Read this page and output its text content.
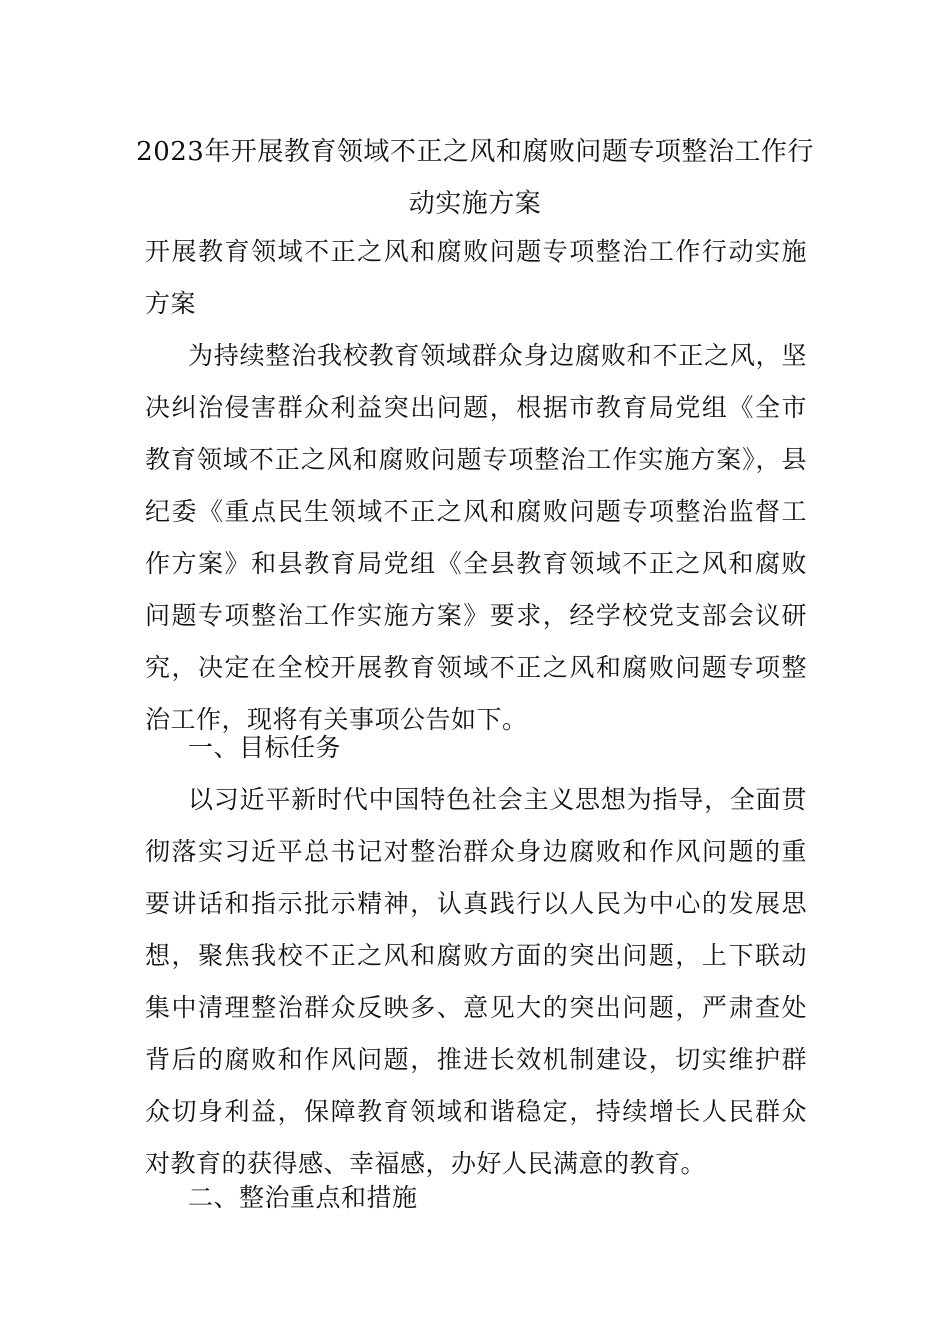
2023年开展教育领域不正之风和腐败问题专项整治工作行动实施方案
开展教育领域不正之风和腐败问题专项整治工作行动实施方案
为持续整治我校教育领域群众身边腐败和不正之风，坚决纠治侵害群众利益突出问题，根据市教育局党组《全市教育领域不正之风和腐败问题专项整治工作实施方案》，县纪委《重点民生领域不正之风和腐败问题专项整治监督工作方案》和县教育局党组《全县教育领域不正之风和腐败问题专项整治工作实施方案》要求，经学校党支部会议研究，决定在全校开展教育领域不正之风和腐败问题专项整治工作，现将有关事项公告如下。
一、目标任务
以习近平新时代中国特色社会主义思想为指导，全面贯彻落实习近平总书记对整治群众身边腐败和作风问题的重要讲话和指示批示精神，认真践行以人民为中心的发展思想，聚焦我校不正之风和腐败方面的突出问题，上下联动集中清理整治群众反映多、意见大的突出问题，严肃查处背后的腐败和作风问题，推进长效机制建设，切实维护群众切身利益，保障教育领域和谐稳定，持续增长人民群众对教育的获得感、幸福感，办好人民满意的教育。
二、整治重点和措施
